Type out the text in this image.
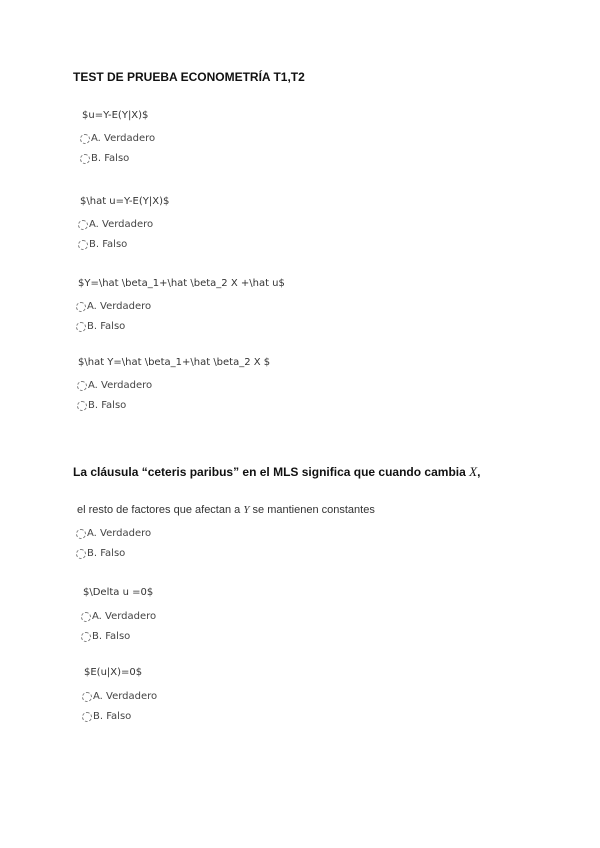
TEST DE PRUEBA ECONOMETRÍA T1,T2
$u=Y-E(Y|X)$
A. Verdadero
B. Falso
$\hat u=Y-E(Y|X)$
A. Verdadero
B. Falso
$Y=\hat \beta_1+\hat \beta_2 X +\hat u$
A. Verdadero
B. Falso
$\hat Y=\hat \beta_1+\hat \beta_2 X $
A. Verdadero
B. Falso
La cláusula “ceteris paribus” en el MLS significa que cuando cambia X,
el resto de factores que afectan a Y se mantienen constantes
A. Verdadero
B. Falso
$\Delta u =0$
A. Verdadero
B. Falso
$E(u|X)=0$
A. Verdadero
B. Falso
